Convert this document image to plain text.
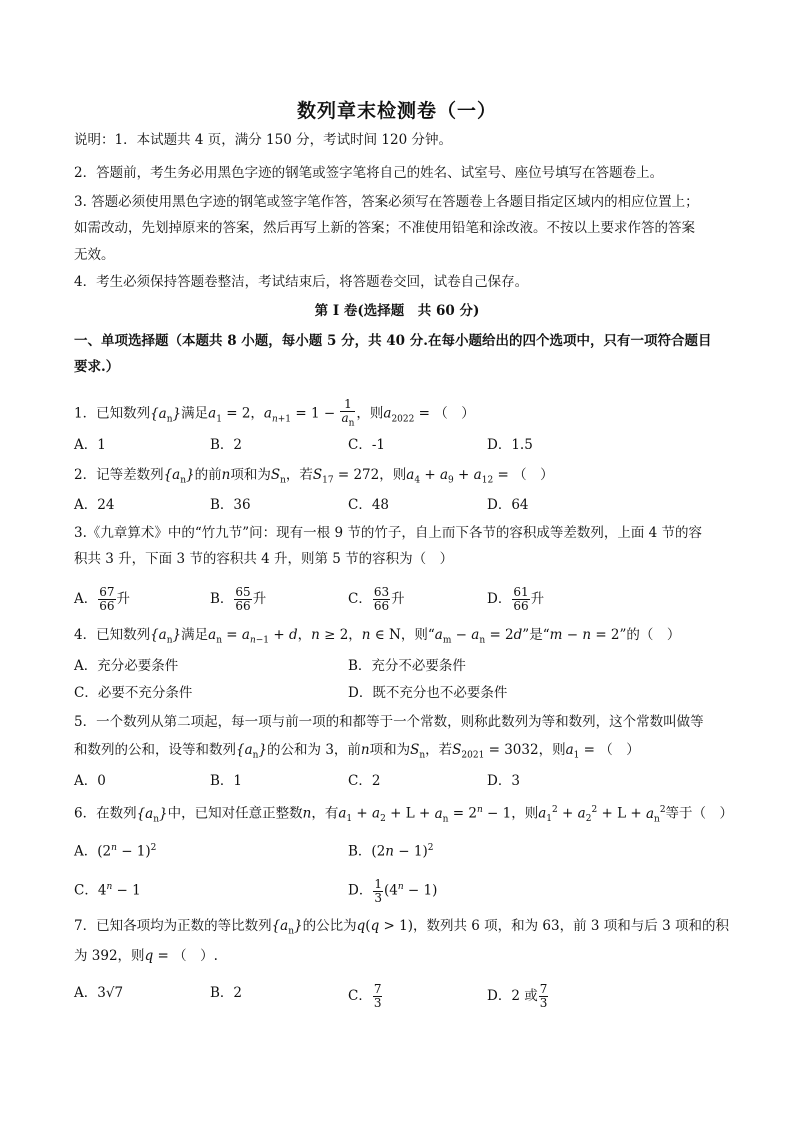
数列章末检测卷（一）
说明：1．本试题共 4 页，满分 150 分，考试时间 120 分钟。
2．答题前，考生务必用黑色字迹的钢笔或签字笔将自己的姓名、试室号、座位号填写在答题卷上。
3. 答题必须使用黑色字迹的钢笔或签字笔作答，答案必须写在答题卷上各题目指定区域内的相应位置上；
如需改动，先划掉原来的答案，然后再写上新的答案；不准使用铅笔和涂改液。不按以上要求作答的答案
无效。
4．考生必须保持答题卷整洁，考试结束后，将答题卷交回，试卷自己保存。
第 I 卷(选择题　共 60 分)
一、单项选择题（本题共 8 小题，每小题 5 分，共 40 分.在每小题给出的四个选项中，只有一项符合题目
要求.）
1．已知数列$\{a_n\}$满足$a_1 = 2$，$a_{n+1} = 1 - \frac{1}{a_n}$ ，则$a_{2022}$ = （　）
A．1	B．2	C．-1	D．1.5
2．记等差数列$\{a_n\}$的前n项和为$S_n$，若$S_{17} = 272$，则$a_4 + a_9 + a_{12}$ = （　）
A．24	B．36	C．48	D．64
3.《九章算术》中的“竹九节”问：现有一根 9 节的竹子，自上而下各节的容积成等差数列，上面 4 节的容
积共 3 升，下面 3 节的容积共 4 升，则第 5 节的容积为（　）
A． $\frac{67}{66}$ 升	B． $\frac{65}{66}$ 升	C． $\frac{63}{66}$ 升	D． $\frac{61}{66}$ 升
4．已知数列$\{a_n\}$满足$a_n = a_{n-1} + d$，n ≥ 2，n ∈ N，则“$a_m - a_n = 2d$”是“m − n = 2”的（　）
A．充分必要条件	B．充分不必要条件
C．必要不充分条件	D．既不充分也不必要条件
5．一个数列从第二项起，每一项与前一项的和都等于一个常数，则称此数列为等和数列，这个常数叫做等
和数列的公和，设等和数列$\{a_n\}$的公和为 3，前n项和为$S_n$，若$S_{2021} = 3032$，则$a_1$ = （　）
A．0	B．1	C．2	D．3
6．在数列$\{a_n\}$中，已知对任意正整数n，有$a_1 + a_2 + L + a_n = 2^n - 1$，则$a_1^2 + a_2^2 + L + a_n^2$等于（　）
A．$(2^n - 1)^2$	B．$(2n - 1)^2$
C．$4^n - 1$	D． $\frac{1}{3} (4^n - 1)$
7．已知各项均为正数的等比数列$\{a_n\}$的公比为q(q > 1)，数列共 6 项，和为 63，前 3 项和与后 3 项和的积
为 392，则q = （　）.
A．3√7	B．2	C． $\frac{7}{3}$	D．2 或 $\frac{7}{3}$
